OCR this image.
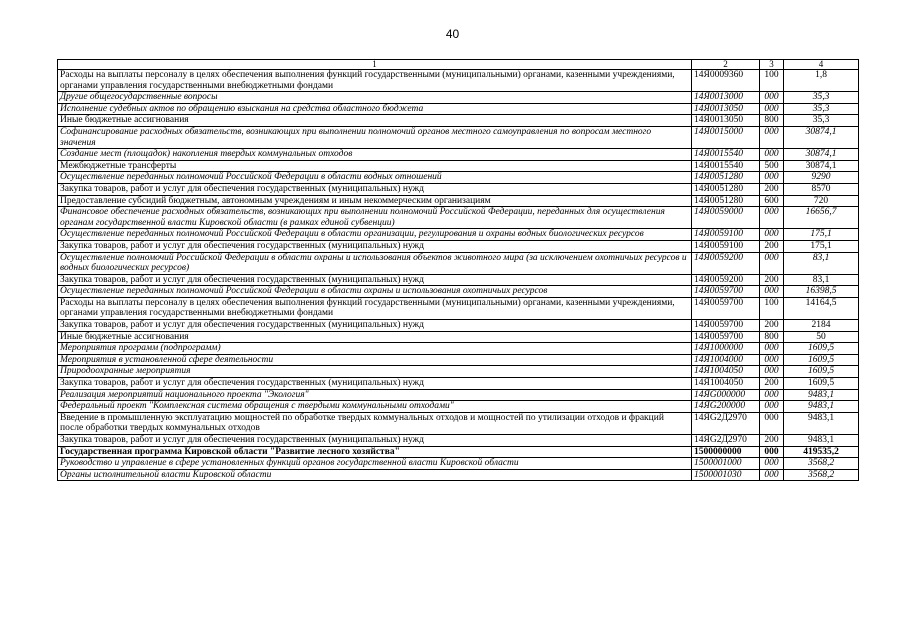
40
1	2	3	4
Расходы на выплаты персоналу в целях обеспечения выполнения функций государственными (муниципальными) органами, казенными учреждениями, органами управления государственными внебюджетными фондами	14Я0009360	100	1,8
Другие общегосударственные вопросы	14Я0013000	000	35,3
Исполнение судебных актов по обращению взыскания на средства областного бюджета	14Я0013050	000	35,3
Иные бюджетные ассигнования	14Я0013050	800	35,3
Софинансирование расходных обязательств, возникающих при выполнении полномочий органов местного самоуправления по вопросам местного значения	14Я0015000	000	30874,1
Создание мест (площадок) накопления твердых коммунальных отходов	14Я0015540	000	30874,1
Межбюджетные трансферты	14Я0015540	500	30874,1
Осуществление переданных полномочий Российской Федерации в области водных отношений	14Я0051280	000	9290
Закупка товаров, работ и услуг для обеспечения государственных (муниципальных) нужд	14Я0051280	200	8570
Предоставление субсидий бюджетным, автономным учреждениям и иным некоммерческим организациям	14Я0051280	600	720
Финансовое обеспечение расходных обязательств, возникающих при выполнении полномочий Российской Федерации, переданных для осуществления органам государственной власти Кировской области (в рамках единой субвенции)	14Я0059000	000	16656,7
Осуществление переданных полномочий Российской Федерации в области организации, регулирования и охраны водных биологических ресурсов	14Я0059100	000	175,1
Закупка товаров, работ и услуг для обеспечения государственных (муниципальных) нужд	14Я0059100	200	175,1
Осуществление полномочий Российской Федерации в области охраны и использования объектов животного мира (за исключением охотничьих ресурсов и водных биологических ресурсов)	14Я0059200	000	83,1
Закупка товаров, работ и услуг для обеспечения государственных (муниципальных) нужд	14Я0059200	200	83,1
Осуществление переданных полномочий Российской Федерации в области охраны и использования охотничьих ресурсов	14Я0059700	000	16398,5
Расходы на выплаты персоналу в целях обеспечения выполнения функций государственными (муниципальными) органами, казенными учреждениями, органами управления государственными внебюджетными фондами	14Я0059700	100	14164,5
Закупка товаров, работ и услуг для обеспечения государственных (муниципальных) нужд	14Я0059700	200	2184
Иные бюджетные ассигнования	14Я0059700	800	50
Мероприятия программ (подпрограмм)	14Я1000000	000	1609,5
Мероприятия в установленной сфере деятельности	14Я1004000	000	1609,5
Природоохранные мероприятия	14Я1004050	000	1609,5
Закупка товаров, работ и услуг для обеспечения государственных (муниципальных) нужд	14Я1004050	200	1609,5
Реализация мероприятий национального проекта "Экология"	14ЯG000000	000	9483,1
Федеральный проект "Комплексная система обращения с твердыми коммунальными отходами"	14ЯG200000	000	9483,1
Введение в промышленную эксплуатацию мощностей по обработке твердых коммунальных отходов и мощностей по утилизации отходов и фракций после обработки твердых коммунальных отходов	14ЯG2Д2970	000	9483,1
Закупка товаров, работ и услуг для обеспечения государственных (муниципальных) нужд	14ЯG2Д2970	200	9483,1
Государственная программа Кировской области "Развитие лесного хозяйства"	1500000000	000	419535,2
Руководство и управление в сфере установленных функций органов государственной власти Кировской области	1500001000	000	3568,2
Органы исполнительной власти Кировской области	1500001030	000	3568,2
